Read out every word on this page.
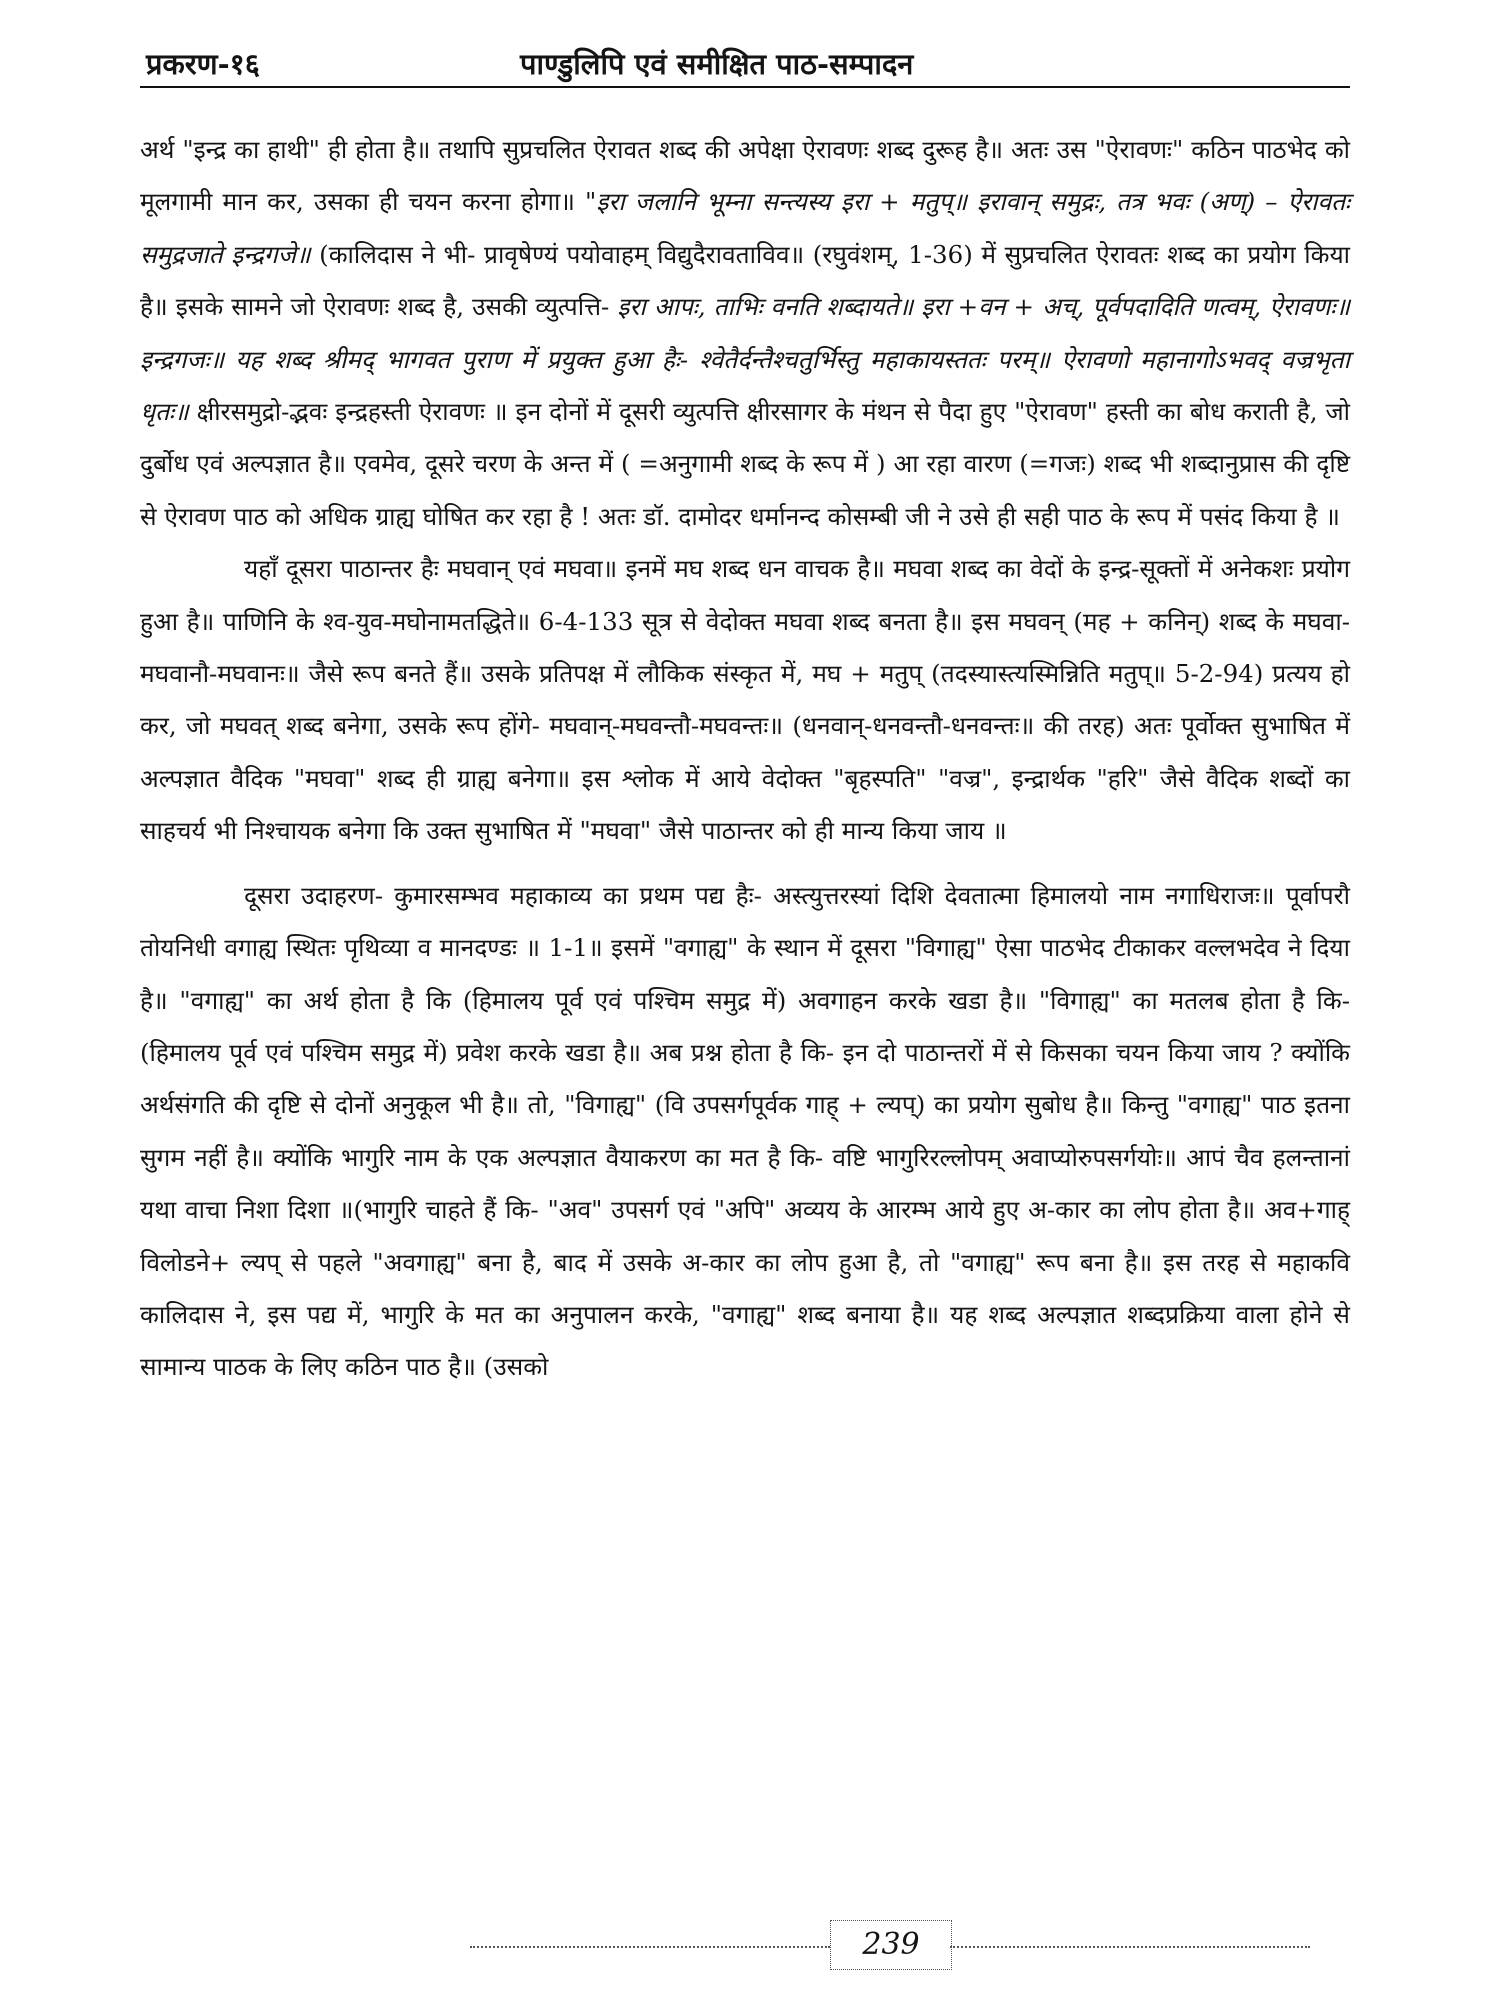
प्रकरण-१६	पाण्डुलिपि एवं समीक्षित पाठ-सम्पादन

अर्थ "इन्द्र का हाथी" ही होता है॥ तथापि सुप्रचलित ऐरावत शब्द की अपेक्षा ऐरावणः शब्द दुरूह है॥ अतः उस "ऐरावणः" कठिन पाठभेद को मूलगामी मान कर, उसका ही चयन करना होगा॥ "इरा जलानि भूम्ना सन्त्यस्य इरा + मतुप्॥ इरावान् समुद्रः, तत्र भवः (अण्) – ऐरावतः समुद्रजाते इन्द्रगजे॥ (कालिदास ने भी- प्रावृषेण्यं पयोवाहम् विद्युदैरावताविव॥ (रघुवंशम्, 1-36) में सुप्रचलित ऐरावतः शब्द का प्रयोग किया है॥ इसके सामने जो ऐरावणः शब्द है, उसकी व्युत्पत्ति- इरा आपः, ताभिः वनति शब्दायते॥ इरा +वन + अच्, पूर्वपदादिति णत्वम्, ऐरावणः॥ इन्द्रगजः॥ यह शब्द श्रीमद् भागवत पुराण में प्रयुक्त हुआ हैः- श्वेतैर्दन्तैश्चतुर्भिस्तु महाकायस्ततः परम्॥ ऐरावणो महानागोऽभवद् वज्रभृता धृतः॥ क्षीरसमुद्रो-द्भवः इन्द्रहस्ती ऐरावणः ॥ इन दोनों में दूसरी व्युत्पत्ति क्षीरसागर के मंथन से पैदा हुए "ऐरावण" हस्ती का बोध कराती है, जो दुर्बोध एवं अल्पज्ञात है॥ एवमेव, दूसरे चरण के अन्त में ( =अनुगामी शब्द के रूप में ) आ रहा वारण (=गजः) शब्द भी शब्दानुप्रास की दृष्टि से ऐरावण पाठ को अधिक ग्राह्य घोषित कर रहा है ! अतः डॉ. दामोदर धर्मानन्द कोसम्बी जी ने उसे ही सही पाठ के रूप में पसंद किया है ॥

यहाँ दूसरा पाठान्तर हैः मघवान् एवं मघवा॥ इनमें मघ शब्द धन वाचक है॥ मघवा शब्द का वेदों के इन्द्र-सूक्तों में अनेकशः प्रयोग हुआ है॥ पाणिनि के श्व-युव-मघोनामतद्धिते॥ 6-4-133 सूत्र से वेदोक्त मघवा शब्द बनता है॥ इस मघवन् (मह + कनिन्) शब्द के मघवा-मघवानौ-मघवानः॥ जैसे रूप बनते हैं॥ उसके प्रतिपक्ष में लौकिक संस्कृत में, मघ + मतुप् (तदस्यास्त्यस्मिन्निति मतुप्॥ 5-2-94) प्रत्यय हो कर, जो मघवत् शब्द बनेगा, उसके रूप होंगे- मघवान्-मघवन्तौ-मघवन्तः॥ (धनवान्-धनवन्तौ-धनवन्तः॥ की तरह) अतः पूर्वोक्त सुभाषित में अल्पज्ञात वैदिक "मघवा" शब्द ही ग्राह्य बनेगा॥ इस श्लोक में आये वेदोक्त "बृहस्पति" "वज्र", इन्द्रार्थक "हरि" जैसे वैदिक शब्दों का साहचर्य भी निश्चायक बनेगा कि उक्त सुभाषित में "मघवा" जैसे पाठान्तर को ही मान्य किया जाय ॥

दूसरा उदाहरण- कुमारसम्भव महाकाव्य का प्रथम पद्य हैः- अस्त्युत्तरस्यां दिशि देवतात्मा हिमालयो नाम नगाधिराजः॥ पूर्वापरौ तोयनिधी वगाह्य स्थितः पृथिव्या व मानदण्डः ॥ 1-1॥ इसमें "वगाह्य" के स्थान में दूसरा "विगाह्य" ऐसा पाठभेद टीकाकर वल्लभदेव ने दिया है॥ "वगाह्य" का अर्थ होता है कि (हिमालय पूर्व एवं पश्चिम समुद्र में) अवगाहन करके खडा है॥ "विगाह्य" का मतलब होता है कि- (हिमालय पूर्व एवं पश्चिम समुद्र में) प्रवेश करके खडा है॥ अब प्रश्न होता है कि- इन दो पाठान्तरों में से किसका चयन किया जाय ? क्योंकि अर्थसंगति की दृष्टि से दोनों अनुकूल भी है॥ तो, "विगाह्य" (वि उपसर्गपूर्वक गाह् + ल्यप्) का प्रयोग सुबोध है॥ किन्तु "वगाह्य" पाठ इतना सुगम नहीं है॥ क्योंकि भागुरि नाम के एक अल्पज्ञात वैयाकरण का मत है कि- वष्टि भागुरिरल्लोपम् अवाप्योरुपसर्गयोः॥ आपं चैव हलन्तानां यथा वाचा निशा दिशा ॥(भागुरि चाहते हैं कि- "अव" उपसर्ग एवं "अपि" अव्यय के आरम्भ आये हुए अ-कार का लोप होता है॥ अव+गाह् विलोडने+ ल्यप् से पहले "अवगाह्य" बना है, बाद में उसके अ-कार का लोप हुआ है, तो "वगाह्य" रूप बना है॥ इस तरह से महाकवि कालिदास ने, इस पद्य में, भागुरि के मत का अनुपालन करके, "वगाह्य" शब्द बनाया है॥ यह शब्द अल्पज्ञात शब्दप्रक्रिया वाला होने से सामान्य पाठक के लिए कठिन पाठ है॥ (उसको

239
